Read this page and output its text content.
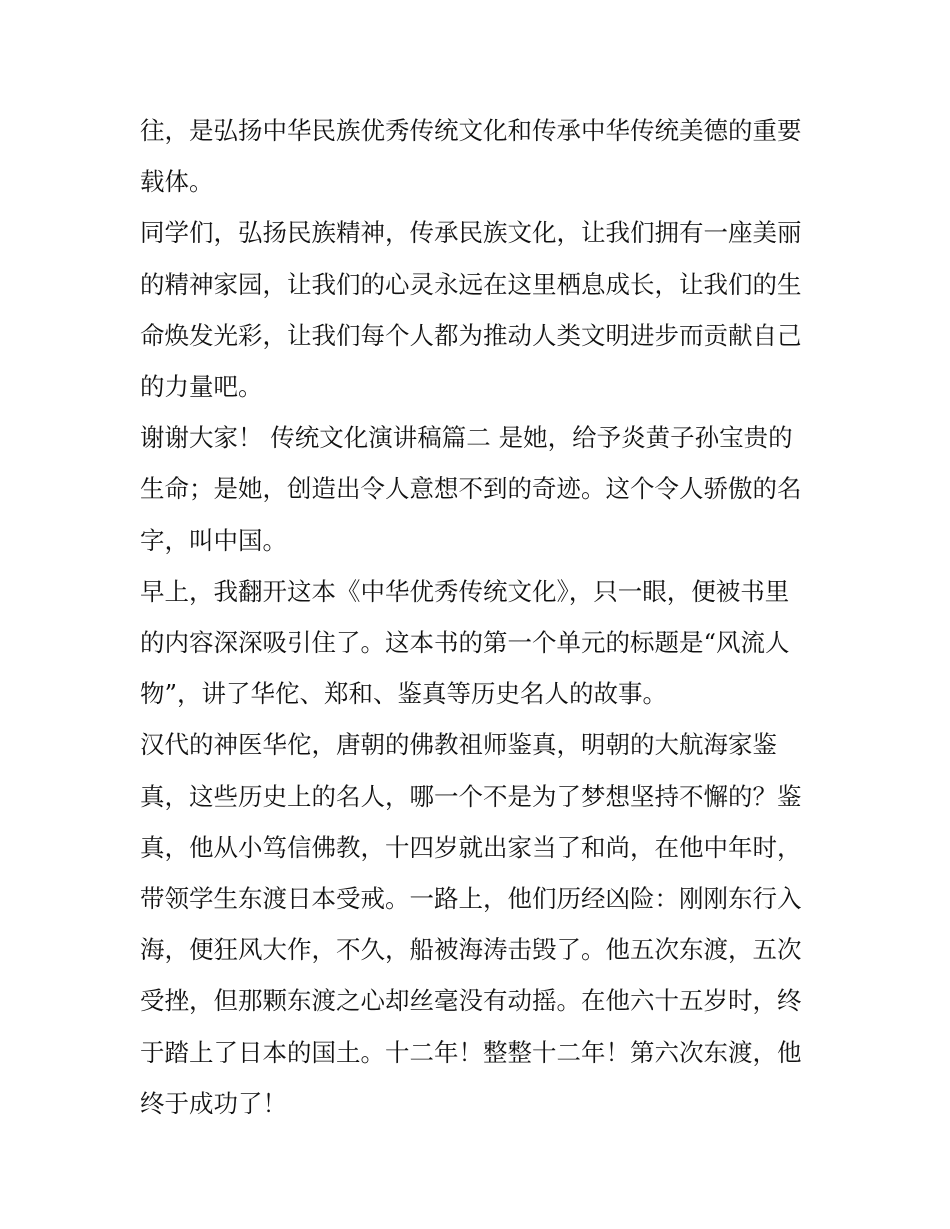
往，是弘扬中华民族优秀传统文化和传承中华传统美德的重要
载体。

同学们，弘扬民族精神，传承民族文化，让我们拥有一座美丽
的精神家园，让我们的心灵永远在这里栖息成长，让我们的生
命焕发光彩，让我们每个人都为推动人类文明进步而贡献自己
的力量吧。

谢谢大家！ 传统文化演讲稿篇二 是她，给予炎黄子孙宝贵的
生命；是她，创造出令人意想不到的奇迹。这个令人骄傲的名
字，叫中国。

早上，我翻开这本《中华优秀传统文化》，只一眼，便被书里
的内容深深吸引住了。这本书的第一个单元的标题是“风流人
物”，讲了华佗、郑和、鉴真等历史名人的故事。

汉代的神医华佗，唐朝的佛教祖师鉴真，明朝的大航海家鉴
真，这些历史上的名人，哪一个不是为了梦想坚持不懈的？鉴
真，他从小笃信佛教，十四岁就出家当了和尚，在他中年时，
带领学生东渡日本受戒。一路上，他们历经凶险：刚刚东行入
海，便狂风大作，不久，船被海涛击毁了。他五次东渡，五次
受挫，但那颗东渡之心却丝毫没有动摇。在他六十五岁时，终
于踏上了日本的国土。十二年！整整十二年！第六次东渡，他
终于成功了！
